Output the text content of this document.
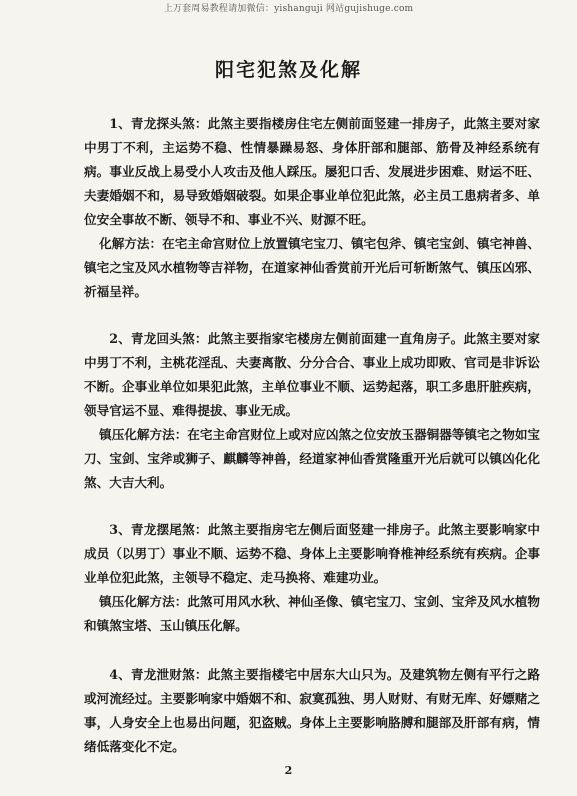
上万套周易教程请加微信：yishanguji 网站gujishuge.com
阳宅犯煞及化解

1、青龙探头煞：此煞主要指楼房住宅左侧前面竖建一排房子，此煞主要对家中男丁不利，主运势不稳、性情暴躁易怒、身体肝部和腿部、筋骨及神经系统有病。事业反战上易受小人攻击及他人踩压。屡犯口舌、发展进步困难、财运不旺、夫妻婚姻不和，易导致婚姻破裂。如果企事业单位犯此煞，必主员工患病者多、单位安全事故不断、领导不和、事业不兴、财源不旺。

化解方法：在宅主命宫财位上放置镇宅宝刀、镇宅包斧、镇宅宝剑、镇宅神兽、镇宅之宝及风水植物等吉祥物，在道家神仙香赏前开光后可斩断煞气、镇压凶邪、祈福呈祥。

2、青龙回头煞：此煞主要指家宅楼房左侧前面建一直角房子。此煞主要对家中男丁不利，主桃花淫乱、夫妻离散、分分合合、事业上成功即败、官司是非诉讼不断。企事业单位如果犯此煞，主单位事业不顺、运势起落，职工多患肝脏疾病，领导官运不显、难得提拔、事业无成。

镇压化解方法：在宅主命宫财位上或对应凶煞之位安放玉器铜器等镇宅之物如宝刀、宝剑、宝斧或狮子、麒麟等神兽，经道家神仙香赏隆重开光后就可以镇凶化化煞、大吉大利。

3、青龙摆尾煞：此煞主要指房宅左侧后面竖建一排房子。此煞主要影响家中成员（以男丁）事业不顺、运势不稳、身体上主要影响脊椎神经系统有疾病。企事业单位犯此煞，主领导不稳定、走马换将、难建功业。

镇压化解方法：此煞可用风水秋、神仙圣像、镇宅宝刀、宝剑、宝斧及风水植物和镇煞宝塔、玉山镇压化解。

4、青龙泄财煞：此煞主要指楼宅中居东大山只为。及建筑物左侧有平行之路或河流经过。主要影响家中婚姻不和、寂寞孤独、男人财财、有财无库、好嫖赌之事，人身安全上也易出问题，犯盗贼。身体上主要影响胳膊和腿部及肝部有病，情绪低落变化不定。

2
